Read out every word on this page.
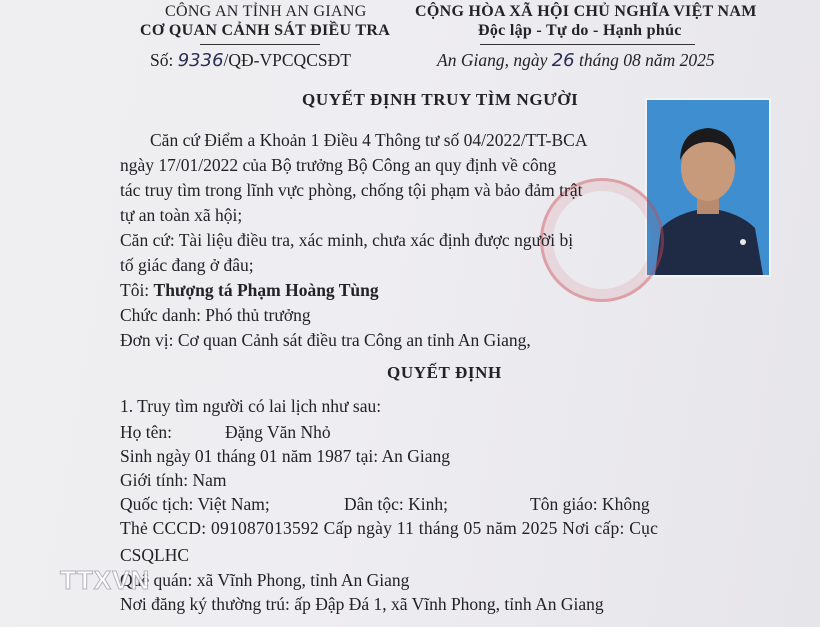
CÔNG AN TỈNH AN GIANG
CƠ QUAN CẢNH SÁT ĐIỀU TRA
Số: 9336/QĐ-VPCQCSĐT
CỘNG HÒA XÃ HỘI CHỦ NGHĨA VIỆT NAM
Độc lập - Tự do - Hạnh phúc
An Giang, ngày 26 tháng 08 năm 2025
QUYẾT ĐỊNH TRUY TÌM NGƯỜI
Căn cứ Điểm a Khoản 1 Điều 4 Thông tư số 04/2022/TT-BCA
ngày 17/01/2022 của Bộ trưởng Bộ Công an quy định về công
tác truy tìm trong lĩnh vực phòng, chống tội phạm và bảo đảm trật
tự an toàn xã hội;
Căn cứ: Tài liệu điều tra, xác minh, chưa xác định được người bị
tố giác đang ở đâu;
Tôi: Thượng tá Phạm Hoàng Tùng
Chức danh: Phó thủ trưởng
Đơn vị: Cơ quan Cảnh sát điều tra Công an tỉnh An Giang,
QUYẾT ĐỊNH
1. Truy tìm người có lai lịch như sau:
Họ tên:	Đặng Văn Nhỏ
Sinh ngày 01 tháng 01 năm 1987 tại: An Giang
Giới tính: Nam
Quốc tịch: Việt Nam;	Dân tộc: Kinh;	Tôn giáo: Không
Thẻ CCCD: 091087013592 Cấp ngày 11 tháng 05 năm 2025 Nơi cấp: Cục
CSQLHC
Quê quán: xã Vĩnh Phong, tỉnh An Giang
Nơi đăng ký thường trú: ấp Đập Đá 1, xã Vĩnh Phong, tỉnh An Giang
TTXVN
